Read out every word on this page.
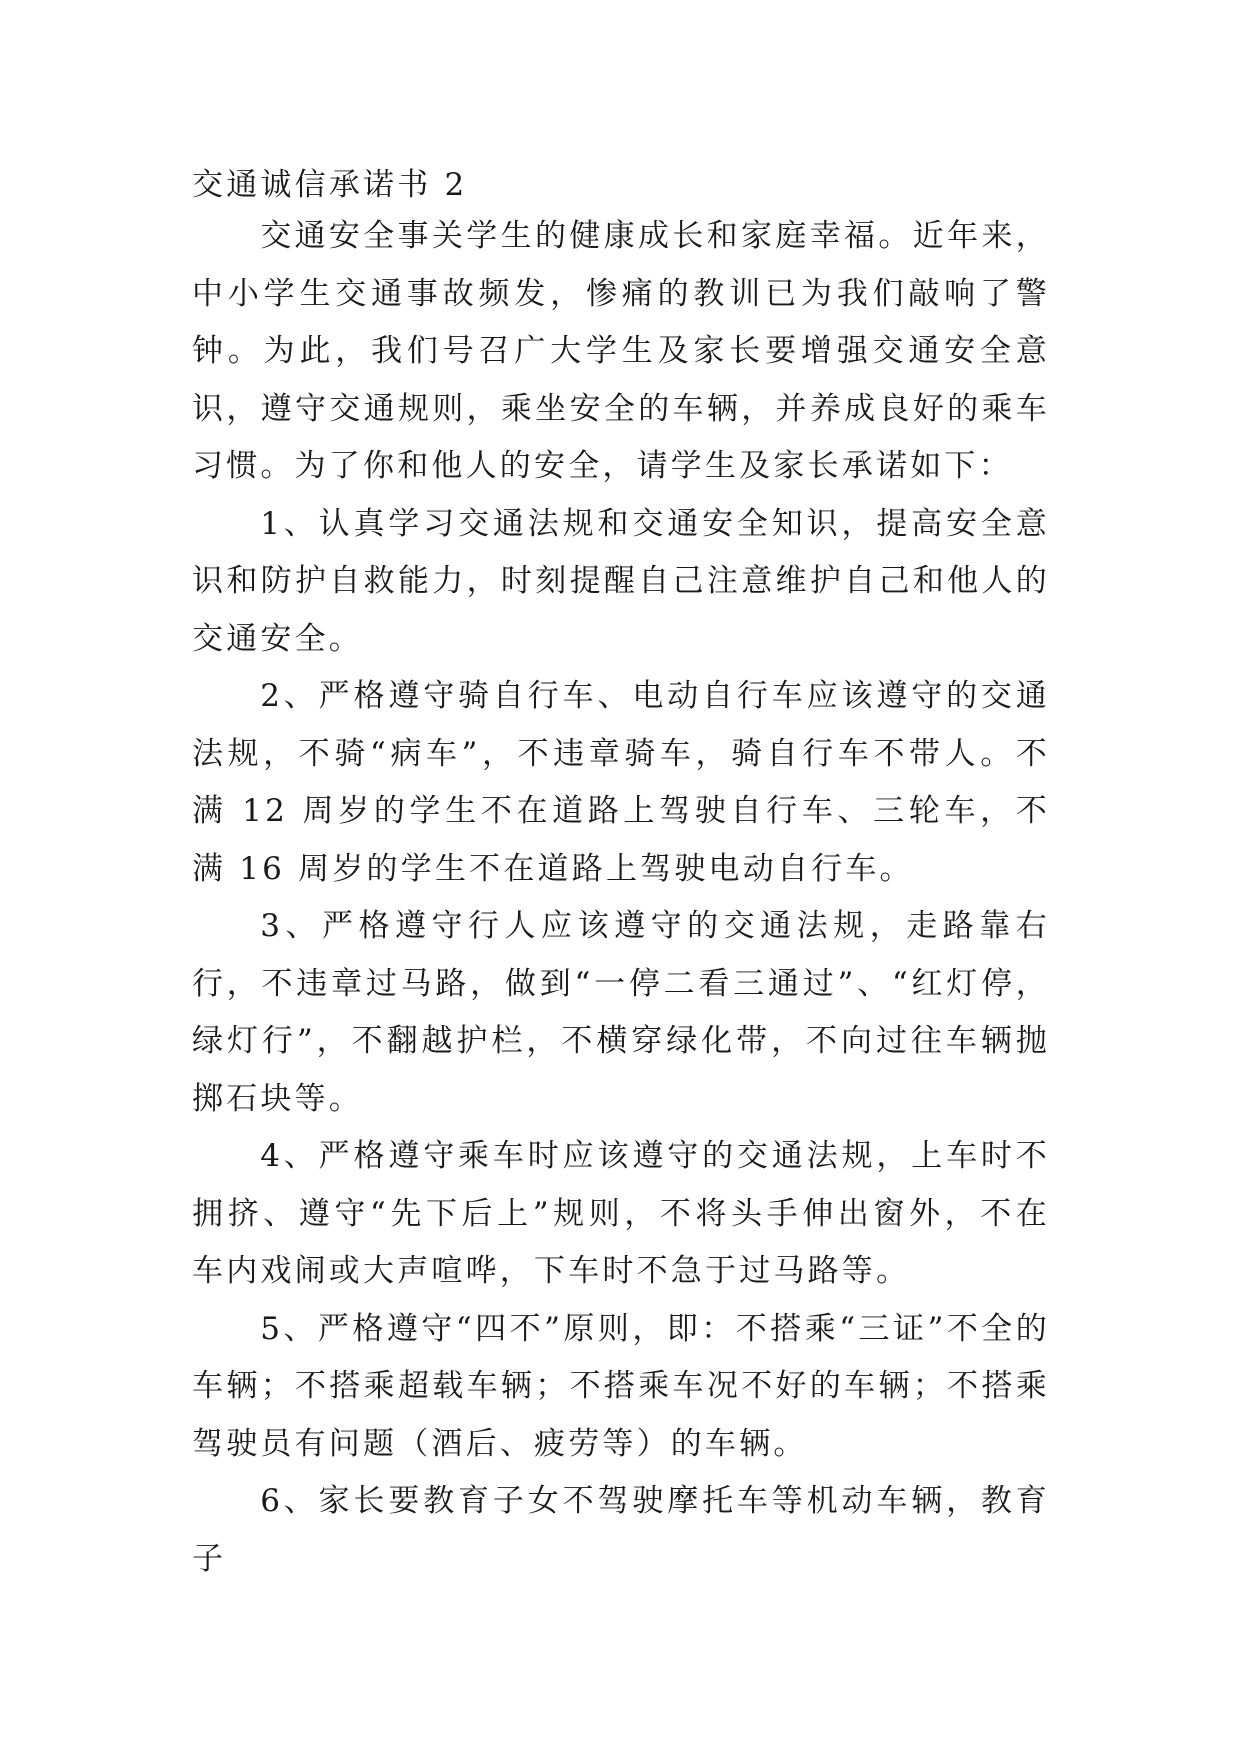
交通诚信承诺书 2

交通安全事关学生的健康成长和家庭幸福。近年来，中小学生交通事故频发，惨痛的教训已为我们敲响了警钟。为此，我们号召广大学生及家长要增强交通安全意识，遵守交通规则，乘坐安全的车辆，并养成良好的乘车习惯。为了你和他人的安全，请学生及家长承诺如下：

1、认真学习交通法规和交通安全知识，提高安全意识和防护自救能力，时刻提醒自己注意维护自己和他人的交通安全。

2、严格遵守骑自行车、电动自行车应该遵守的交通法规，不骑“病车”，不违章骑车，骑自行车不带人。不满 12 周岁的学生不在道路上驾驶自行车、三轮车，不满 16 周岁的学生不在道路上驾驶电动自行车。

3、严格遵守行人应该遵守的交通法规，走路靠右行，不违章过马路，做到“一停二看三通过”、“红灯停，绿灯行”，不翻越护栏，不横穿绿化带，不向过往车辆抛掷石块等。

4、严格遵守乘车时应该遵守的交通法规，上车时不拥挤、遵守“先下后上”规则，不将头手伸出窗外，不在车内戏闹或大声喧哗，下车时不急于过马路等。

5、严格遵守“四不”原则，即：不搭乘“三证”不全的车辆；不搭乘超载车辆；不搭乘车况不好的车辆；不搭乘驾驶员有问题（酒后、疲劳等）的车辆。

6、家长要教育子女不驾驶摩托车等机动车辆，教育子
